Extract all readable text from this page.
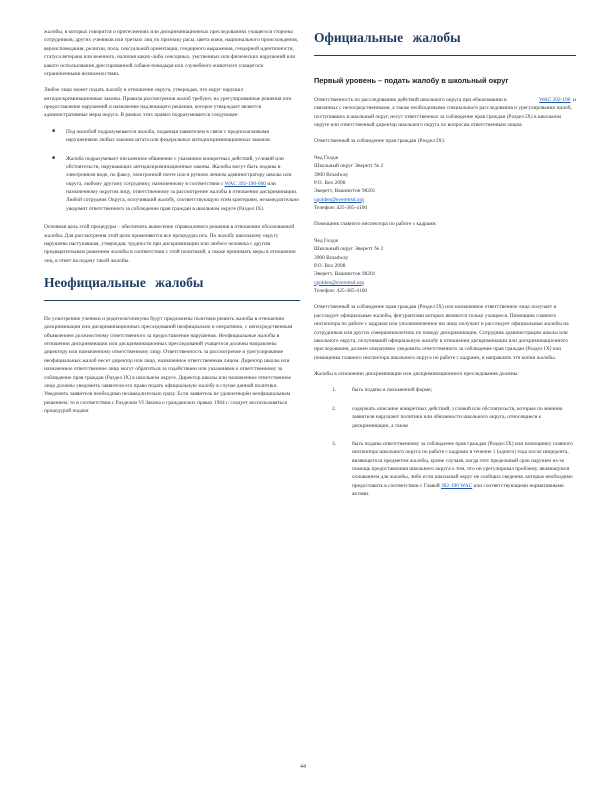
жалобы, в которых говорится о притеснениях или дискриминационных преследованиях учащегося стороны сотрудников, других учеников или третьих лиц по признаку расы, цвета кожи, национального происхождения, вероисповедания, религии, пола, сексуальной ориентации, гендерного выражения, гендерной идентичности, статуса ветерана или военного, наличия каких-либо сенсорных, умственных или физических нарушений или какого использования дрессированной собаки-поводыря или служебного животного учащегося ограниченными возможностями.

Любое лицо может подать жалобу в отношении округа, утверждая, что округ нарушил антидискриминационные законы. Правила рассмотрения жалоб требуют, на урегулированные решения или предоставление нарушений и назначение надлежащего решения, которое утверждает является административные меры округа. В рамках этих правил подразумевается следующее:

■	Под жалобой подразумевается жалоба, поданная заявителем в связи с предполагаемыми нарушениями любых законов штата или федеральных антидискриминационных законов.
■	Жалоба подразумевает письменное обвинение с указанием конкретных действий, условий или обстоятельств, нарушающих антидискриминационные законы. Жалобы могут быть поданы в электронном виде, по факсу, электронной почте или в ручном личном администратору школы или округа, любому другому сотруднику, назначенному в соответствии с WAC 392-190-060 или назначенному округом лицу, ответственному за рассмотрение жалобы в отношении дискриминации. Любой сотрудник Округа, получивший жалобу, соответствующую этим критериям, незамедлительно уведомит ответственного за соблюдение прав граждан в школьном округе (Раздел IX).

Основная цель этой процедуры – обеспечить вынесение справедливого решения в отношении обоснованной жалобы. Для рассмотрения этой цели применяются все процедуры иск. По жалобу школьному округу нарушены наступавшая, утверждая, трудности при дискриминации или любого человека с другим предварительным решением жалобы в соответствии с этой политикой, а также принимать меры в отношении лиц, в ответ на подачу такой жалобы.

Неофициальные жалобы

По усмотрению ученики и родители/опекуны будут предложены политики решить жалобы в отношении дискриминации или дискриминационных преследований неофициально и оперативно, с непосредственным объявлением должностному ответственного за предоставление нарушения. Неофициальные жалобы в отношении дискриминации или дискриминационных преследований учащегося должны направлены директору или назначенному ответственному лицу. Ответственность за рассмотрение и урегулирование неофициальных жалоб несет директор или лицо, назначенное ответственным лицом. Директор школы или назначенное ответственное лицо могут обратиться за содействием или указаниями к ответственному за соблюдение прав граждан (Раздел IX) в школьном округе. Директор школы или назначенное ответственное лицо должны уведомить заявителя его право подать официальную жалобу в случае данной политики. Уведомить заявителя необходимо незамедлительно сразу. Если заявитель не удовлетворён неофициальным решением, то в соответствии с Разделом VI Закона о гражданских правах 1964 г. следует воспользоваться процедурой подачи

Официальные жалобы
Первый уровень – подать жалобу в школьный округ

Ответственность по расследованию действий школьного округа при обжаловании в	WAC 392-190 и
связанных с непосредственными, а также необходимыми специального расследования и урегулирования жалоб, поступивших в школьный округ, несут ответственных за соблюдение прав граждан (Раздел IX) в школьном округе или ответственный директор школьного округа по вопросам ответственным лицом.

Ответственный за соблюдение прав граждан (Раздел IX):

Чед Голдж
Школьный округ Эверетт № 2
3900 Broadway
P.O. Box 2098
Эверетт, Вашингтон 98201
cgolden@everettsd.org
Телефон: 425-385-4100

Помощник главного инспектора по работе с кадрами:

Чед Голдж
Школьный округ Эверетт № 2
3900 Broadway
P.O. Box 2098
Эверетт, Вашингтон 98201
cgolden@everettsd.org
Телефон: 425-385-4100

Ответственный за соблюдение прав граждан (Раздел IX) или назначенное ответственное лицо получает и расследует официальные жалобы, фигурантами которых являются только учащиеся. Помощник главного инспектора по работе с кадрами или уполномоченное им лицо получает и расследует официальные жалобы на сотрудников или других совершеннолетних по поводу дискриминации. Сотрудник администрации школы или школьного округа, получивший официальную жалобу в отношении дискриминации или дискриминационного преследования, должен оперативно уведомить ответственного за соблюдение прав граждан (Раздел IX) или помощника главного инспектора школьного округа по работе с кадрами, в направлять эти копии жалобы.

Жалобы в отношении дискриминации или дискриминационного преследования должны:

1.	быть поданы в письменной форме;
2.	содержать описание конкретных действий, условий или обстоятельств, которые по мнению заявителя нарушают политики или обязанности школьного округа, относящиеся к дискриминации, а также
3.	быть поданы ответственному за соблюдение прав граждан (Раздел IX) или помощнику главного инспектора школьного округа по работе с кадрами в течение 1 (одного) года после инцидента, являющегося предметом жалобы, кроме случаев, когда этот предельный срок нарушен из-за помощь предоставления школьного округа о том, что он урегулировал проблему, являющуюся основанием для жалобы, либо если школьный округ не сообщил сведения, которые необходимо предоставить в соответствии с Главой 392-190 WAC или соответствующими нормативными актами.
44
